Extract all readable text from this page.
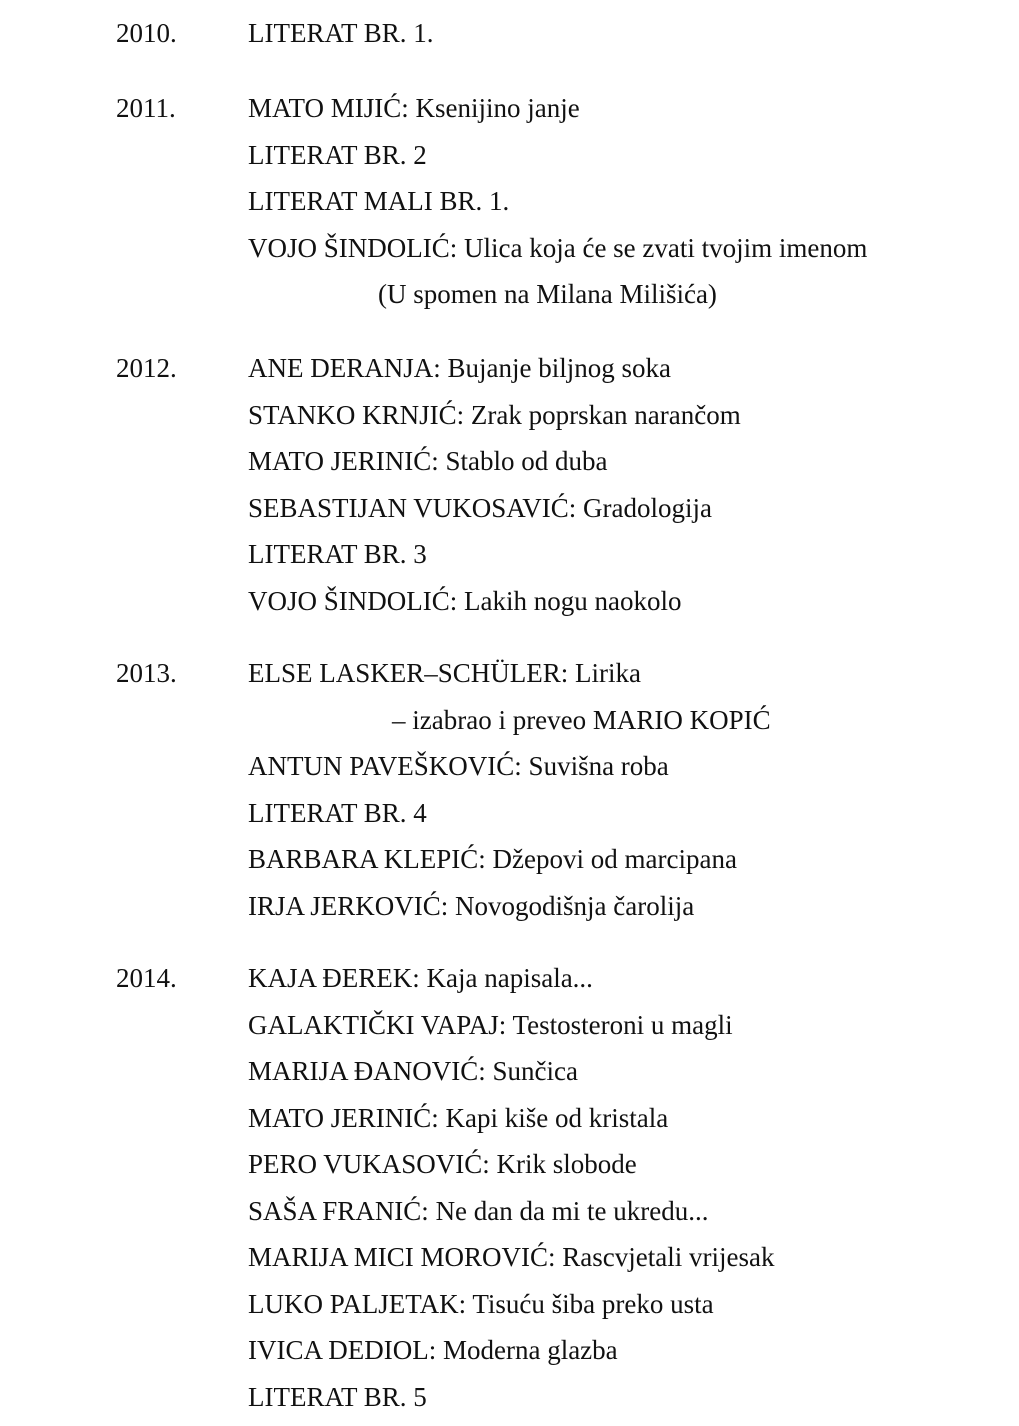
2010.	LITERAT BR. 1.
2011.	MATO MIJIĆ: Ksenijino janje
LITERAT BR. 2
LITERAT MALI BR. 1.
VOJO ŠINDOLIĆ: Ulica koja će se zvati tvojim imenom
(U spomen na Milana Milišića)
2012.	ANE DERANJA: Bujanje biljnog soka
STANKO KRNJIĆ: Zrak poprskan narančom
MATO JERINIĆ: Stablo od duba
SEBASTIJAN VUKOSAVIĆ: Gradologija
LITERAT BR. 3
VOJO ŠINDOLIĆ: Lakih nogu naokolo
2013.	ELSE LASKER–SCHÜLER: Lirika
– izabrao i preveo MARIO KOPIĆ
ANTUN PAVEŠKOVIĆ: Suvišna roba
LITERAT BR. 4
BARBARA KLEPIĆ: Džepovi od marcipana
IRJA JERKOVIĆ: Novogodišnja čarolija
2014.	KAJA ĐEREK: Kaja napisala...
GALAKTIČKI VAPAJ: Testosteroni u magli
MARIJA ĐANOVIĆ: Sunčica
MATO JERINIĆ: Kapi kiše od kristala
PERO VUKASOVIĆ: Krik slobode
SAŠA FRANIĆ: Ne dan da mi te ukredu...
MARIJA MICI MOROVIĆ: Rascvjetali vrijesak
LUKO PALJETAK: Tisuću šiba preko usta
IVICA DEDIOL: Moderna glazba
LITERAT BR. 5
